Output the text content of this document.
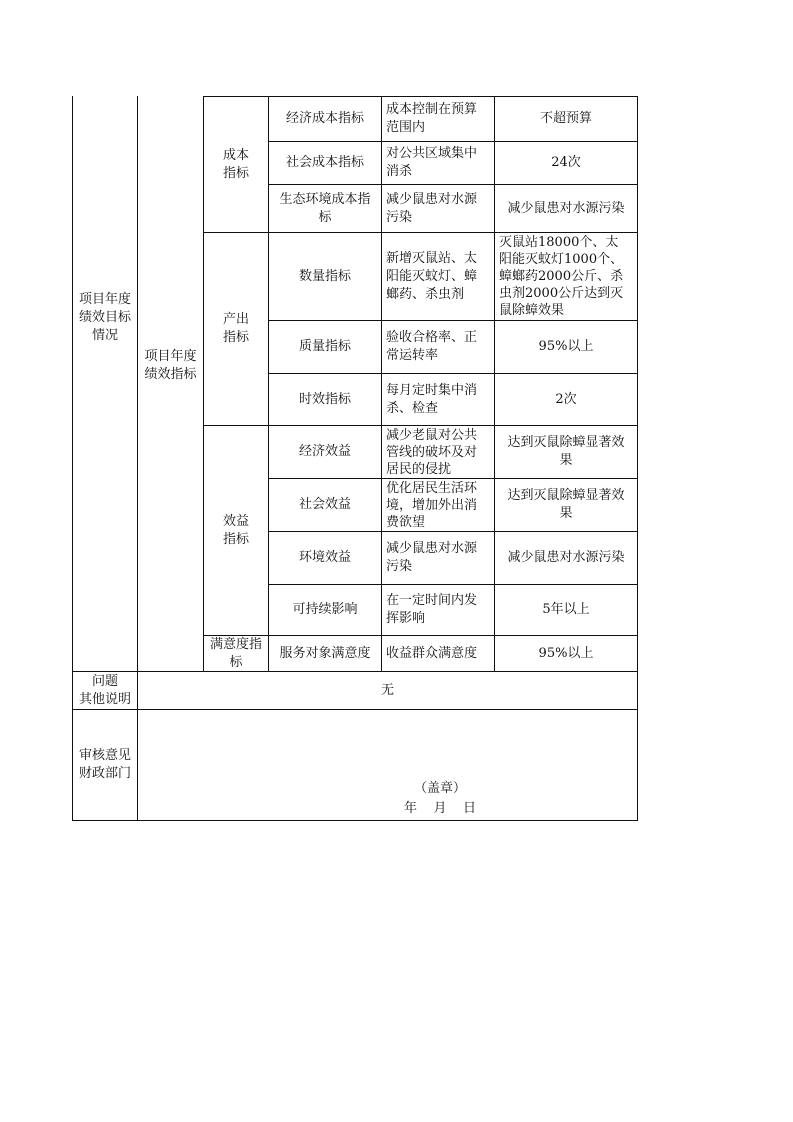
项目年度
绩效目标
情况
项目年度
绩效指标
成本
指标
产出
指标
效益
指标
满意度指
标
经济成本指标
成本控制在预算
范围内
不超预算
社会成本指标
对公共区域集中
消杀
24次
生态环境成本指
标
减少鼠患对水源
污染
减少鼠患对水源污染
数量指标
新增灭鼠站、太
阳能灭蚊灯、蟑
螂药、杀虫剂
灭鼠站18000个、太
阳能灭蚊灯1000个、
蟑螂药2000公斤、杀
虫剂2000公斤达到灭
鼠除蟑效果
质量指标
验收合格率、正
常运转率
95%以上
时效指标
每月定时集中消
杀、检查
2次
经济效益
减少老鼠对公共
管线的破坏及对
居民的侵扰
达到灭鼠除蟑显著效
果
社会效益
优化居民生活环
境，增加外出消
费欲望
达到灭鼠除蟑显著效
果
环境效益
减少鼠患对水源
污染
减少鼠患对水源污染
可持续影响
在一定时间内发
挥影响
5年以上
服务对象满意度	收益群众满意度	95%以上
问题
其他说明
无
审核意见
财政部门
（盖章）
年    月    日
